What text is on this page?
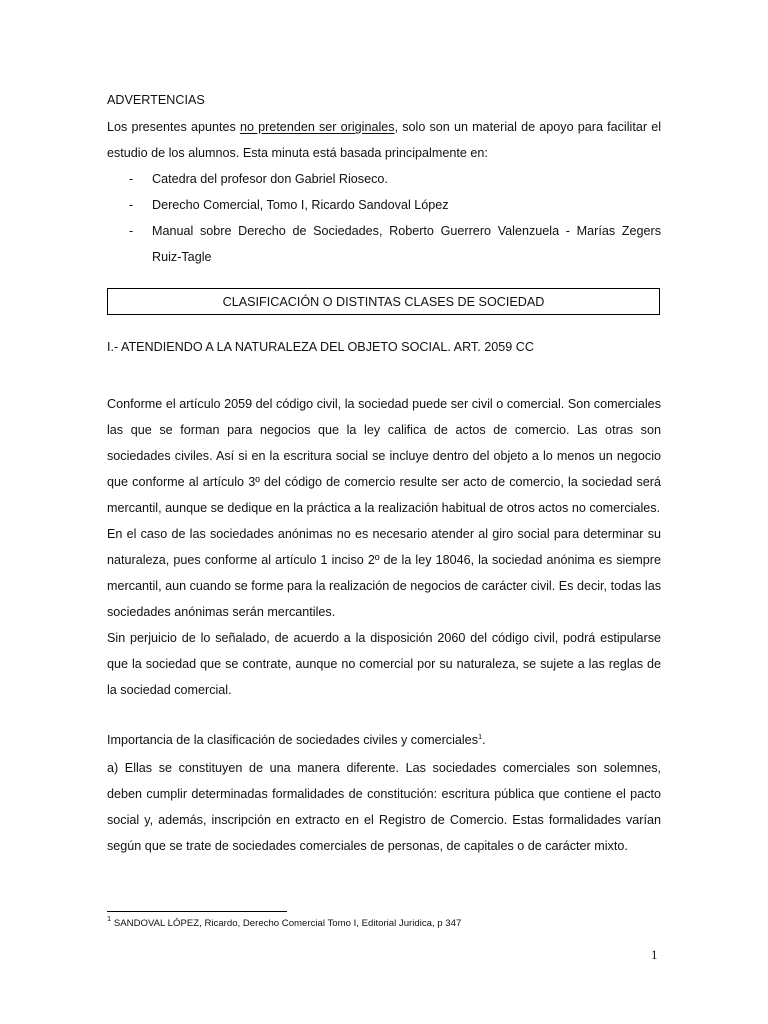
ADVERTENCIAS
Los presentes apuntes no pretenden ser originales, solo son un material de apoyo para facilitar el estudio de los alumnos. Esta minuta está basada principalmente en:
- Catedra del profesor don Gabriel Rioseco.
- Derecho Comercial, Tomo I, Ricardo Sandoval López
- Manual sobre Derecho de Sociedades, Roberto Guerrero Valenzuela - Marías Zegers Ruiz-Tagle
CLASIFICACIÓN O DISTINTAS CLASES DE SOCIEDAD
I.- ATENDIENDO A LA NATURALEZA DEL OBJETO SOCIAL. ART. 2059 CC

Conforme el artículo 2059 del código civil, la sociedad puede ser civil o comercial. Son comerciales las que se forman para negocios que la ley califica de actos de comercio. Las otras son sociedades civiles. Así si en la escritura social se incluye dentro del objeto a lo menos un negocio que conforme al artículo 3º del código de comercio resulte ser acto de comercio, la sociedad será mercantil, aunque se dedique en la práctica a la realización habitual de otros actos no comerciales.

En el caso de las sociedades anónimas no es necesario atender al giro social para determinar su naturaleza, pues conforme al artículo 1 inciso 2º de la ley 18046, la sociedad anónima es siempre mercantil, aun cuando se forme para la realización de negocios de carácter civil. Es decir, todas las sociedades anónimas serán mercantiles.

Sin perjuicio de lo señalado, de acuerdo a la disposición 2060 del código civil, podrá estipularse que la sociedad que se contrate, aunque no comercial por su naturaleza, se sujete a las reglas de la sociedad comercial.

Importancia de la clasificación de sociedades civiles y comerciales$^1$.
a) Ellas se constituyen de una manera diferente. Las sociedades comerciales son solemnes, deben cumplir determinadas formalidades de constitución: escritura pública que contiene el pacto social y, además, inscripción en extracto en el Registro de Comercio. Estas formalidades varían según que se trate de sociedades comerciales de personas, de capitales o de carácter mixto.
$^1$ SANDOVAL LÓPEZ, Ricardo, Derecho Comercial Tomo I, Editorial Juridica, p 347
1
